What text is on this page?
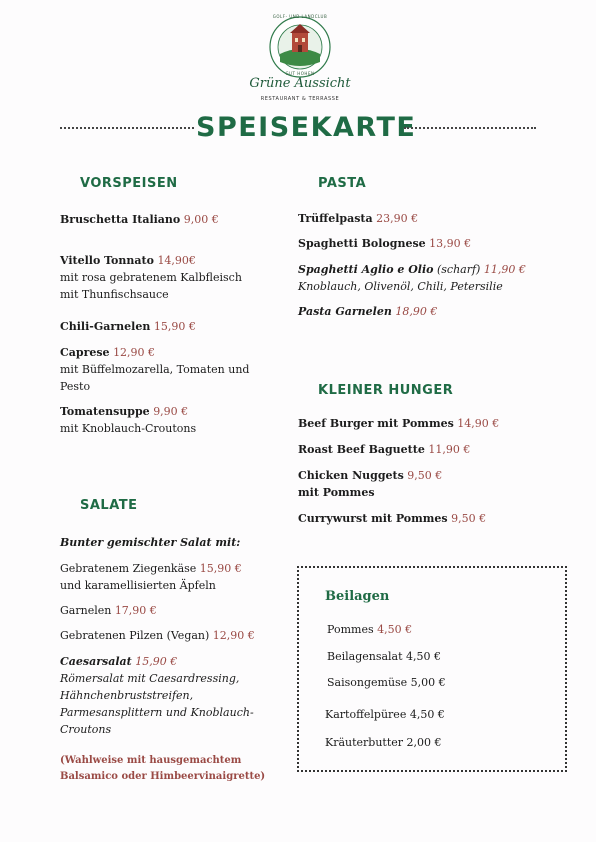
GOLF- UND LANDCLUB
GUT HOHEN
Grüne Aussicht
RESTAURANT & TERRASSE
SPEISEKARTE
VORSPEISEN
Bruschetta Italiano 9,00 €
Vitello Tonnato 14,90€
mit rosa gebratenem Kalbfleisch
mit Thunfischsauce
Chili-Garnelen 15,90 €
Caprese 12,90 €
mit Büffelmozarella, Tomaten und
Pesto
Tomatensuppe 9,90 €
mit Knoblauch-Croutons
SALATE
Bunter gemischter Salat mit:
Gebratenem Ziegenkäse 15,90 €
und karamellisierten Äpfeln
Garnelen 17,90 €
Gebratenen Pilzen (Vegan) 12,90 €
Caesarsalat 15,90 €
Römersalat mit Caesardressing,
Hähnchenbruststreifen,
Parmesansplittern und Knoblauch-
Croutons
(Wahlweise mit hausgemachtem
Balsamico oder Himbeervinaigrette)
PASTA
Trüffelpasta 23,90 €
Spaghetti Bolognese 13,90 €
Spaghetti Aglio e Olio (scharf) 11,90 €
Knoblauch, Olivenöl, Chili, Petersilie
Pasta Garnelen 18,90 €
KLEINER HUNGER
Beef Burger mit Pommes 14,90 €
Roast Beef Baguette 11,90 €
Chicken Nuggets 9,50 €
mit Pommes
Currywurst mit Pommes 9,50 €
Beilagen
Pommes 4,50 €
Beilagensalat 4,50 €
Saisongemüse 5,00 €
Kartoffelpüree 4,50 €
Kräuterbutter 2,00 €
